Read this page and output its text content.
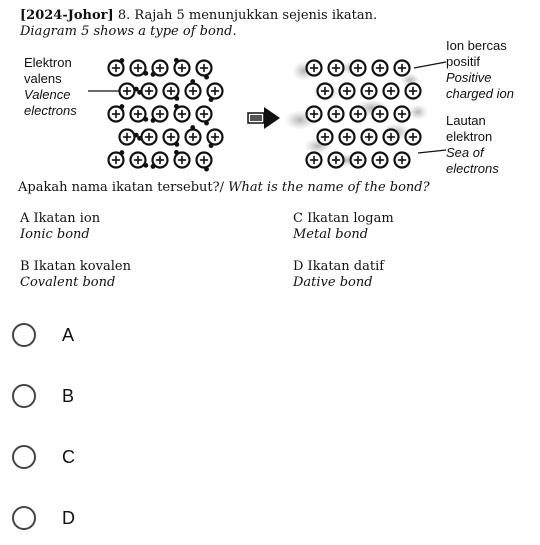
[2024-Johor] 8. Rajah 5 menunjukkan sejenis ikatan.
Diagram 5 shows a type of bond.
Elektron
valens
Valence
electrons
Ion bercas
positif
Positive
charged ion
Lautan
elektron
Sea of
electrons
Apakah nama ikatan tersebut?/ What is the name of the bond?
A Ikatan ion
Ionic bond
C Ikatan logam
Metal bond
B Ikatan kovalen
Covalent bond
D Ikatan datif
Dative bond
A
B
C
D
